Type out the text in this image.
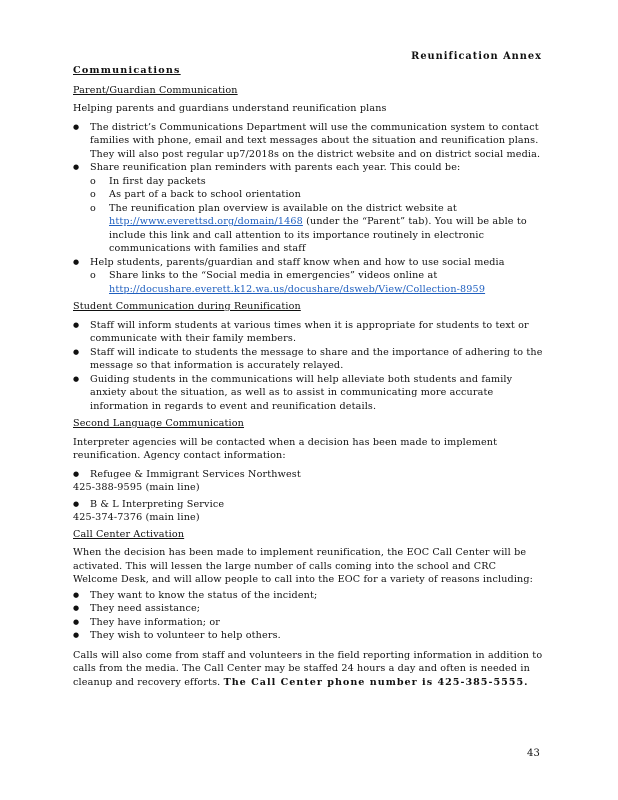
Reunification Annex
Communications
Parent/Guardian Communication

Helping parents and guardians understand reunification plans

● The district’s Communications Department will use the communication system to contact families with phone, email and text messages about the situation and reunification plans. They will also post regular up7/2018s on the district website and on district social media.
● Share reunification plan reminders with parents each year. This could be:
o In first day packets
o As part of a back to school orientation
o The reunification plan overview is available on the district website at
http://www.everettsd.org/domain/1468 (under the “Parent” tab). You will be able to include this link and call attention to its importance routinely in electronic communications with families and staff
● Help students, parents/guardian and staff know when and how to use social media
o Share links to the “Social media in emergencies” videos online at
http://docushare.everett.k12.wa.us/docushare/dsweb/View/Collection-8959
Student Communication during Reunification
● Staff will inform students at various times when it is appropriate for students to text or communicate with their family members.
● Staff will indicate to students the message to share and the importance of adhering to the message so that information is accurately relayed.
● Guiding students in the communications will help alleviate both students and family anxiety about the situation, as well as to assist in communicating more accurate information in regards to event and reunification details.
Second Language Communication

Interpreter agencies will be contacted when a decision has been made to implement reunification. Agency contact information:

● Refugee & Immigrant Services Northwest
425-388-9595 (main line)
● B & L Interpreting Service
425-374-7376 (main line)
Call Center Activation

When the decision has been made to implement reunification, the EOC Call Center will be activated. This will lessen the large number of calls coming into the school and CRC Welcome Desk, and will allow people to call into the EOC for a variety of reasons including:

● They want to know the status of the incident;
● They need assistance;
● They have information; or
● They wish to volunteer to help others.

Calls will also come from staff and volunteers in the field reporting information in addition to calls from the media. The Call Center may be staffed 24 hours a day and often is needed in cleanup and recovery efforts. The Call Center phone number is 425-385-5555.

43
